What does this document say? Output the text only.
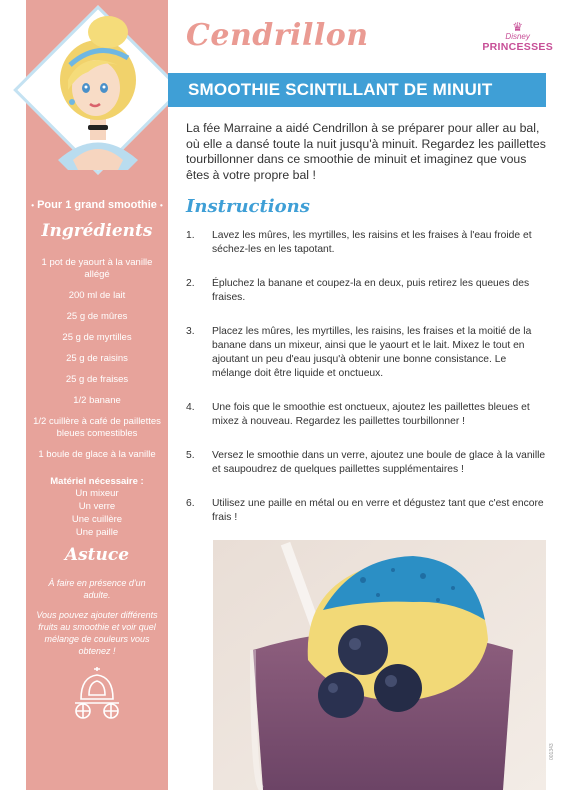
• Pour 1 grand smoothie •
Ingrédients
1 pot de yaourt à la vanille allégé
200 ml de lait
25 g de mûres
25 g de myrtilles
25 g de raisins
25 g de fraises
1/2 banane
1/2 cuillère à café de paillettes bleues comestibles
1 boule de glace à la vanille
Matériel nécessaire :
Un mixeur
Un verre
Une cuillère
Une paille
Astuce
À faire en présence d'un adulte.
Vous pouvez ajouter différents fruits au smoothie et voir quel mélange de couleurs vous obtenez !
Cendrillon	♛
Disney
PRINCESSES
SMOOTHIE SCINTILLANT DE MINUIT
La fée Marraine a aidé Cendrillon à se préparer pour aller au bal, où elle a dansé toute la nuit jusqu'à minuit. Regardez les paillettes tourbillonner dans ce smoothie de minuit et imaginez que vous êtes à votre propre bal !
Instructions
1. Lavez les mûres, les myrtilles, les raisins et les fraises à l'eau froide et séchez-les en les tapotant.
2. Épluchez la banane et coupez-la en deux, puis retirez les queues des fraises.
3. Placez les mûres, les myrtilles, les raisins, les fraises et la moitié de la banane dans un mixeur, ainsi que le yaourt et le lait. Mixez le tout en ajoutant un peu d'eau jusqu'à obtenir une bonne consistance. Le mélange doit être liquide et onctueux.
4. Une fois que le smoothie est onctueux, ajoutez les paillettes bleues et mixez à nouveau. Regardez les paillettes tourbillonner !
5. Versez le smoothie dans un verre, ajoutez une boule de glace à la vanille et saupoudrez de quelques paillettes supplémentaires !
6. Utilisez une paille en métal ou en verre et dégustez tant que c'est encore frais !
001343
